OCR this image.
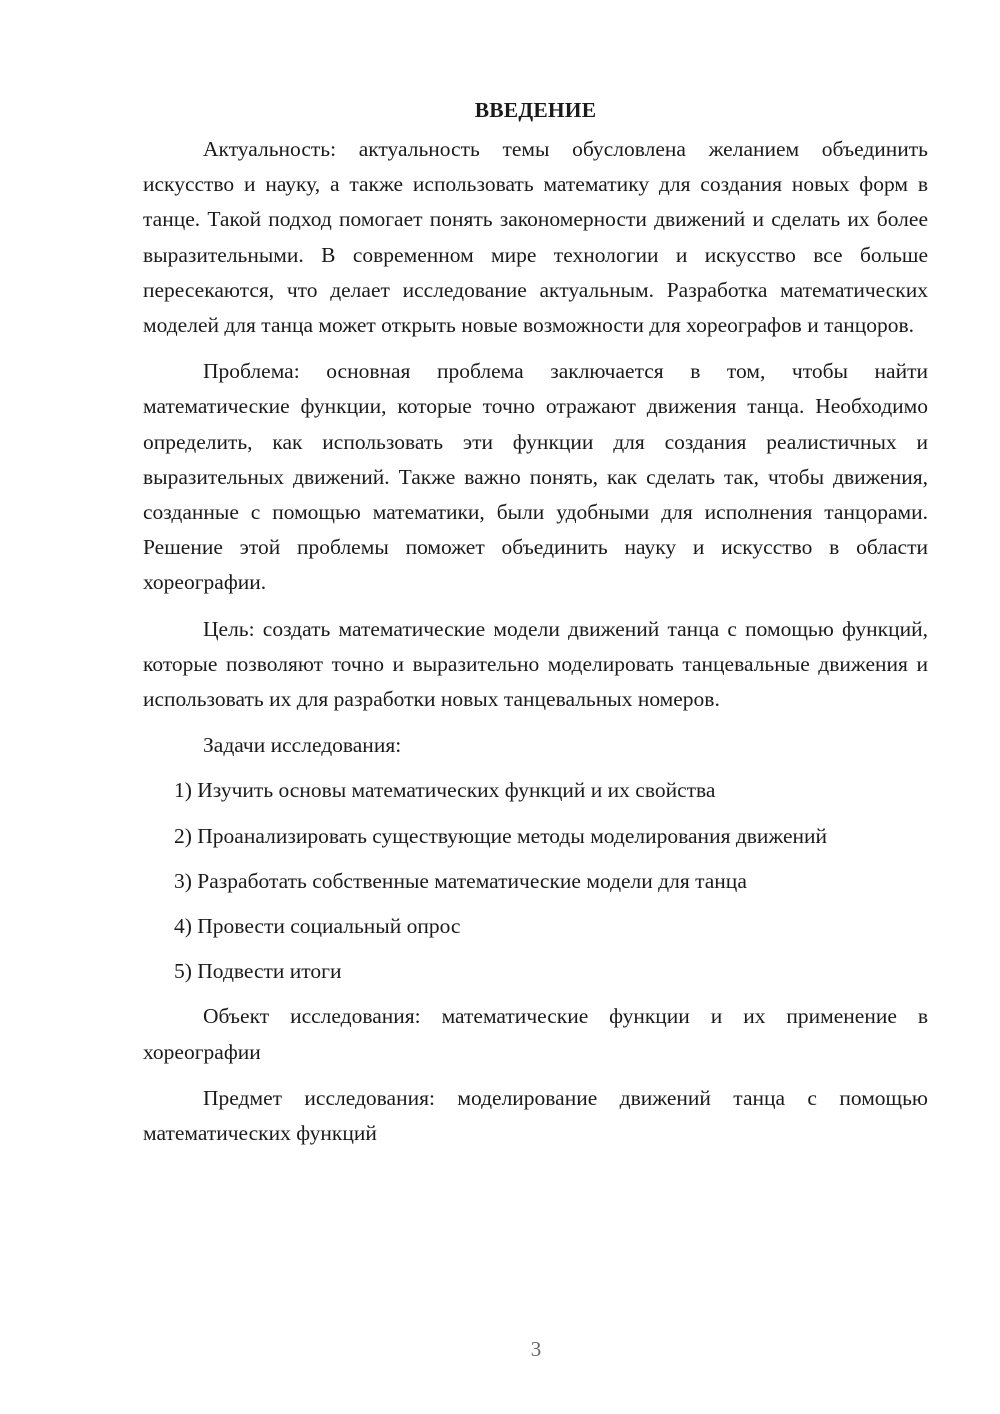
ВВЕДЕНИЕ

Актуальность: актуальность темы обусловлена желанием объединить искусство и науку, а также использовать математику для создания новых форм в танце. Такой подход помогает понять закономерности движений и сделать их более выразительными. В современном мире технологии и искусство все больше пересекаются, что делает исследование актуальным. Разработка математических моделей для танца может открыть новые возможности для хореографов и танцоров.

Проблема: основная проблема заключается в том, чтобы найти математические функции, которые точно отражают движения танца. Необходимо определить, как использовать эти функции для создания реалистичных и выразительных движений. Также важно понять, как сделать так, чтобы движения, созданные с помощью математики, были удобными для исполнения танцорами. Решение этой проблемы поможет объединить науку и искусство в области хореографии.

Цель: создать математические модели движений танца с помощью функций, которые позволяют точно и выразительно моделировать танцевальные движения и использовать их для разработки новых танцевальных номеров.

Задачи исследования:

1) Изучить основы математических функций и их свойства

2) Проанализировать существующие методы моделирования движений

3) Разработать собственные математические модели для танца

4) Провести социальный опрос

5) Подвести итоги

Объект исследования: математические функции и их применение в хореографии

Предмет исследования: моделирование движений танца с помощью математических функций

3
